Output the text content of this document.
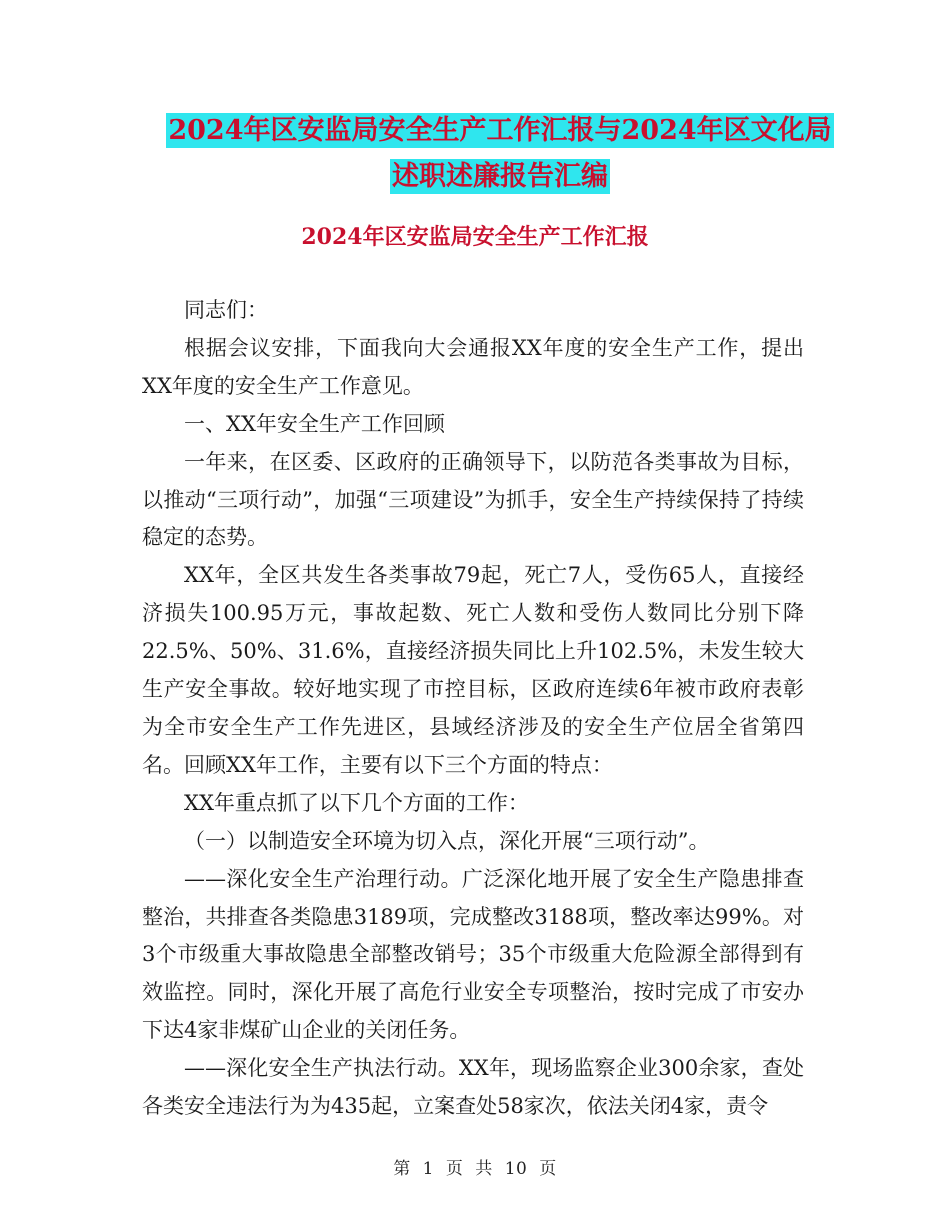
2024年区安监局安全生产工作汇报与2024年区文化局
述职述廉报告汇编
2024年区安监局安全生产工作汇报

同志们：

根据会议安排，下面我向大会通报XX年度的安全生产工作，提出XX年度的安全生产工作意见。

一、XX年安全生产工作回顾

一年来，在区委、区政府的正确领导下，以防范各类事故为目标，以推动“三项行动”，加强“三项建设”为抓手，安全生产持续保持了持续稳定的态势。

XX年，全区共发生各类事故79起，死亡7人，受伤65人，直接经济损失100.95万元，事故起数、死亡人数和受伤人数同比分别下降22.5%、50%、31.6%，直接经济损失同比上升102.5%，未发生较大生产安全事故。较好地实现了市控目标，区政府连续6年被市政府表彰为全市安全生产工作先进区，县域经济涉及的安全生产位居全省第四名。回顾XX年工作，主要有以下三个方面的特点：

XX年重点抓了以下几个方面的工作：

（一）以制造安全环境为切入点，深化开展“三项行动”。

——深化安全生产治理行动。广泛深化地开展了安全生产隐患排查整治，共排查各类隐患3189项，完成整改3188项，整改率达99%。对3个市级重大事故隐患全部整改销号；35个市级重大危险源全部得到有效监控。同时，深化开展了高危行业安全专项整治，按时完成了市安办下达4家非煤矿山企业的关闭任务。

——深化安全生产执法行动。XX年，现场监察企业300余家，查处各类安全违法行为为435起，立案查处58家次，依法关闭4家，责令

第 1 页 共 10 页
